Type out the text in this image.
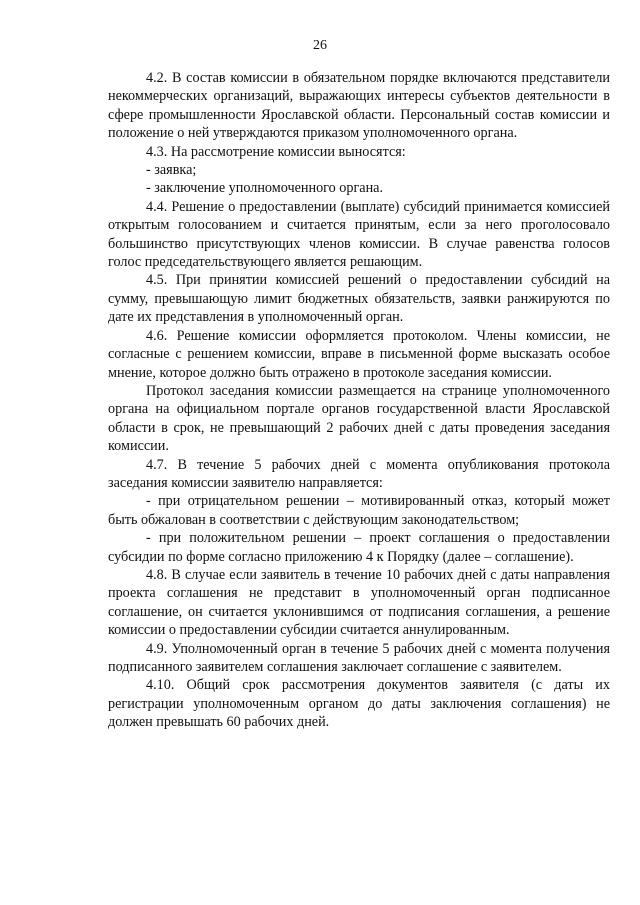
26

4.2. В состав комиссии в обязательном порядке включаются представители некоммерческих организаций, выражающих интересы субъектов деятельности в сфере промышленности Ярославской области. Персональный состав комиссии и положение о ней утверждаются приказом уполномоченного органа.

4.3. На рассмотрение комиссии выносятся:

- заявка;

- заключение уполномоченного органа.

4.4. Решение о предоставлении (выплате) субсидий принимается комиссией открытым голосованием и считается принятым, если за него проголосовало большинство присутствующих членов комиссии. В случае равенства голосов голос председательствующего является решающим.

4.5. При принятии комиссией решений о предоставлении субсидий на сумму, превышающую лимит бюджетных обязательств, заявки ранжируются по дате их представления в уполномоченный орган.

4.6. Решение комиссии оформляется протоколом. Члены комиссии, не согласные с решением комиссии, вправе в письменной форме высказать особое мнение, которое должно быть отражено в протоколе заседания комиссии.

Протокол заседания комиссии размещается на странице уполномоченного органа на официальном портале органов государственной власти Ярославской области в срок, не превышающий 2 рабочих дней с даты проведения заседания комиссии.

4.7. В течение 5 рабочих дней с момента опубликования протокола заседания комиссии заявителю направляется:

- при отрицательном решении – мотивированный отказ, который может быть обжалован в соответствии с действующим законодательством;

- при положительном решении – проект соглашения о предоставлении субсидии по форме согласно приложению 4 к Порядку (далее – соглашение).

4.8. В случае если заявитель в течение 10 рабочих дней с даты направления проекта соглашения не представит в уполномоченный орган подписанное соглашение, он считается уклонившимся от подписания соглашения, а решение комиссии о предоставлении субсидии считается аннулированным.

4.9. Уполномоченный орган в течение 5 рабочих дней с момента получения подписанного заявителем соглашения заключает соглашение с заявителем.

4.10. Общий срок рассмотрения документов заявителя (с даты их регистрации уполномоченным органом до даты заключения соглашения) не должен превышать 60 рабочих дней.
